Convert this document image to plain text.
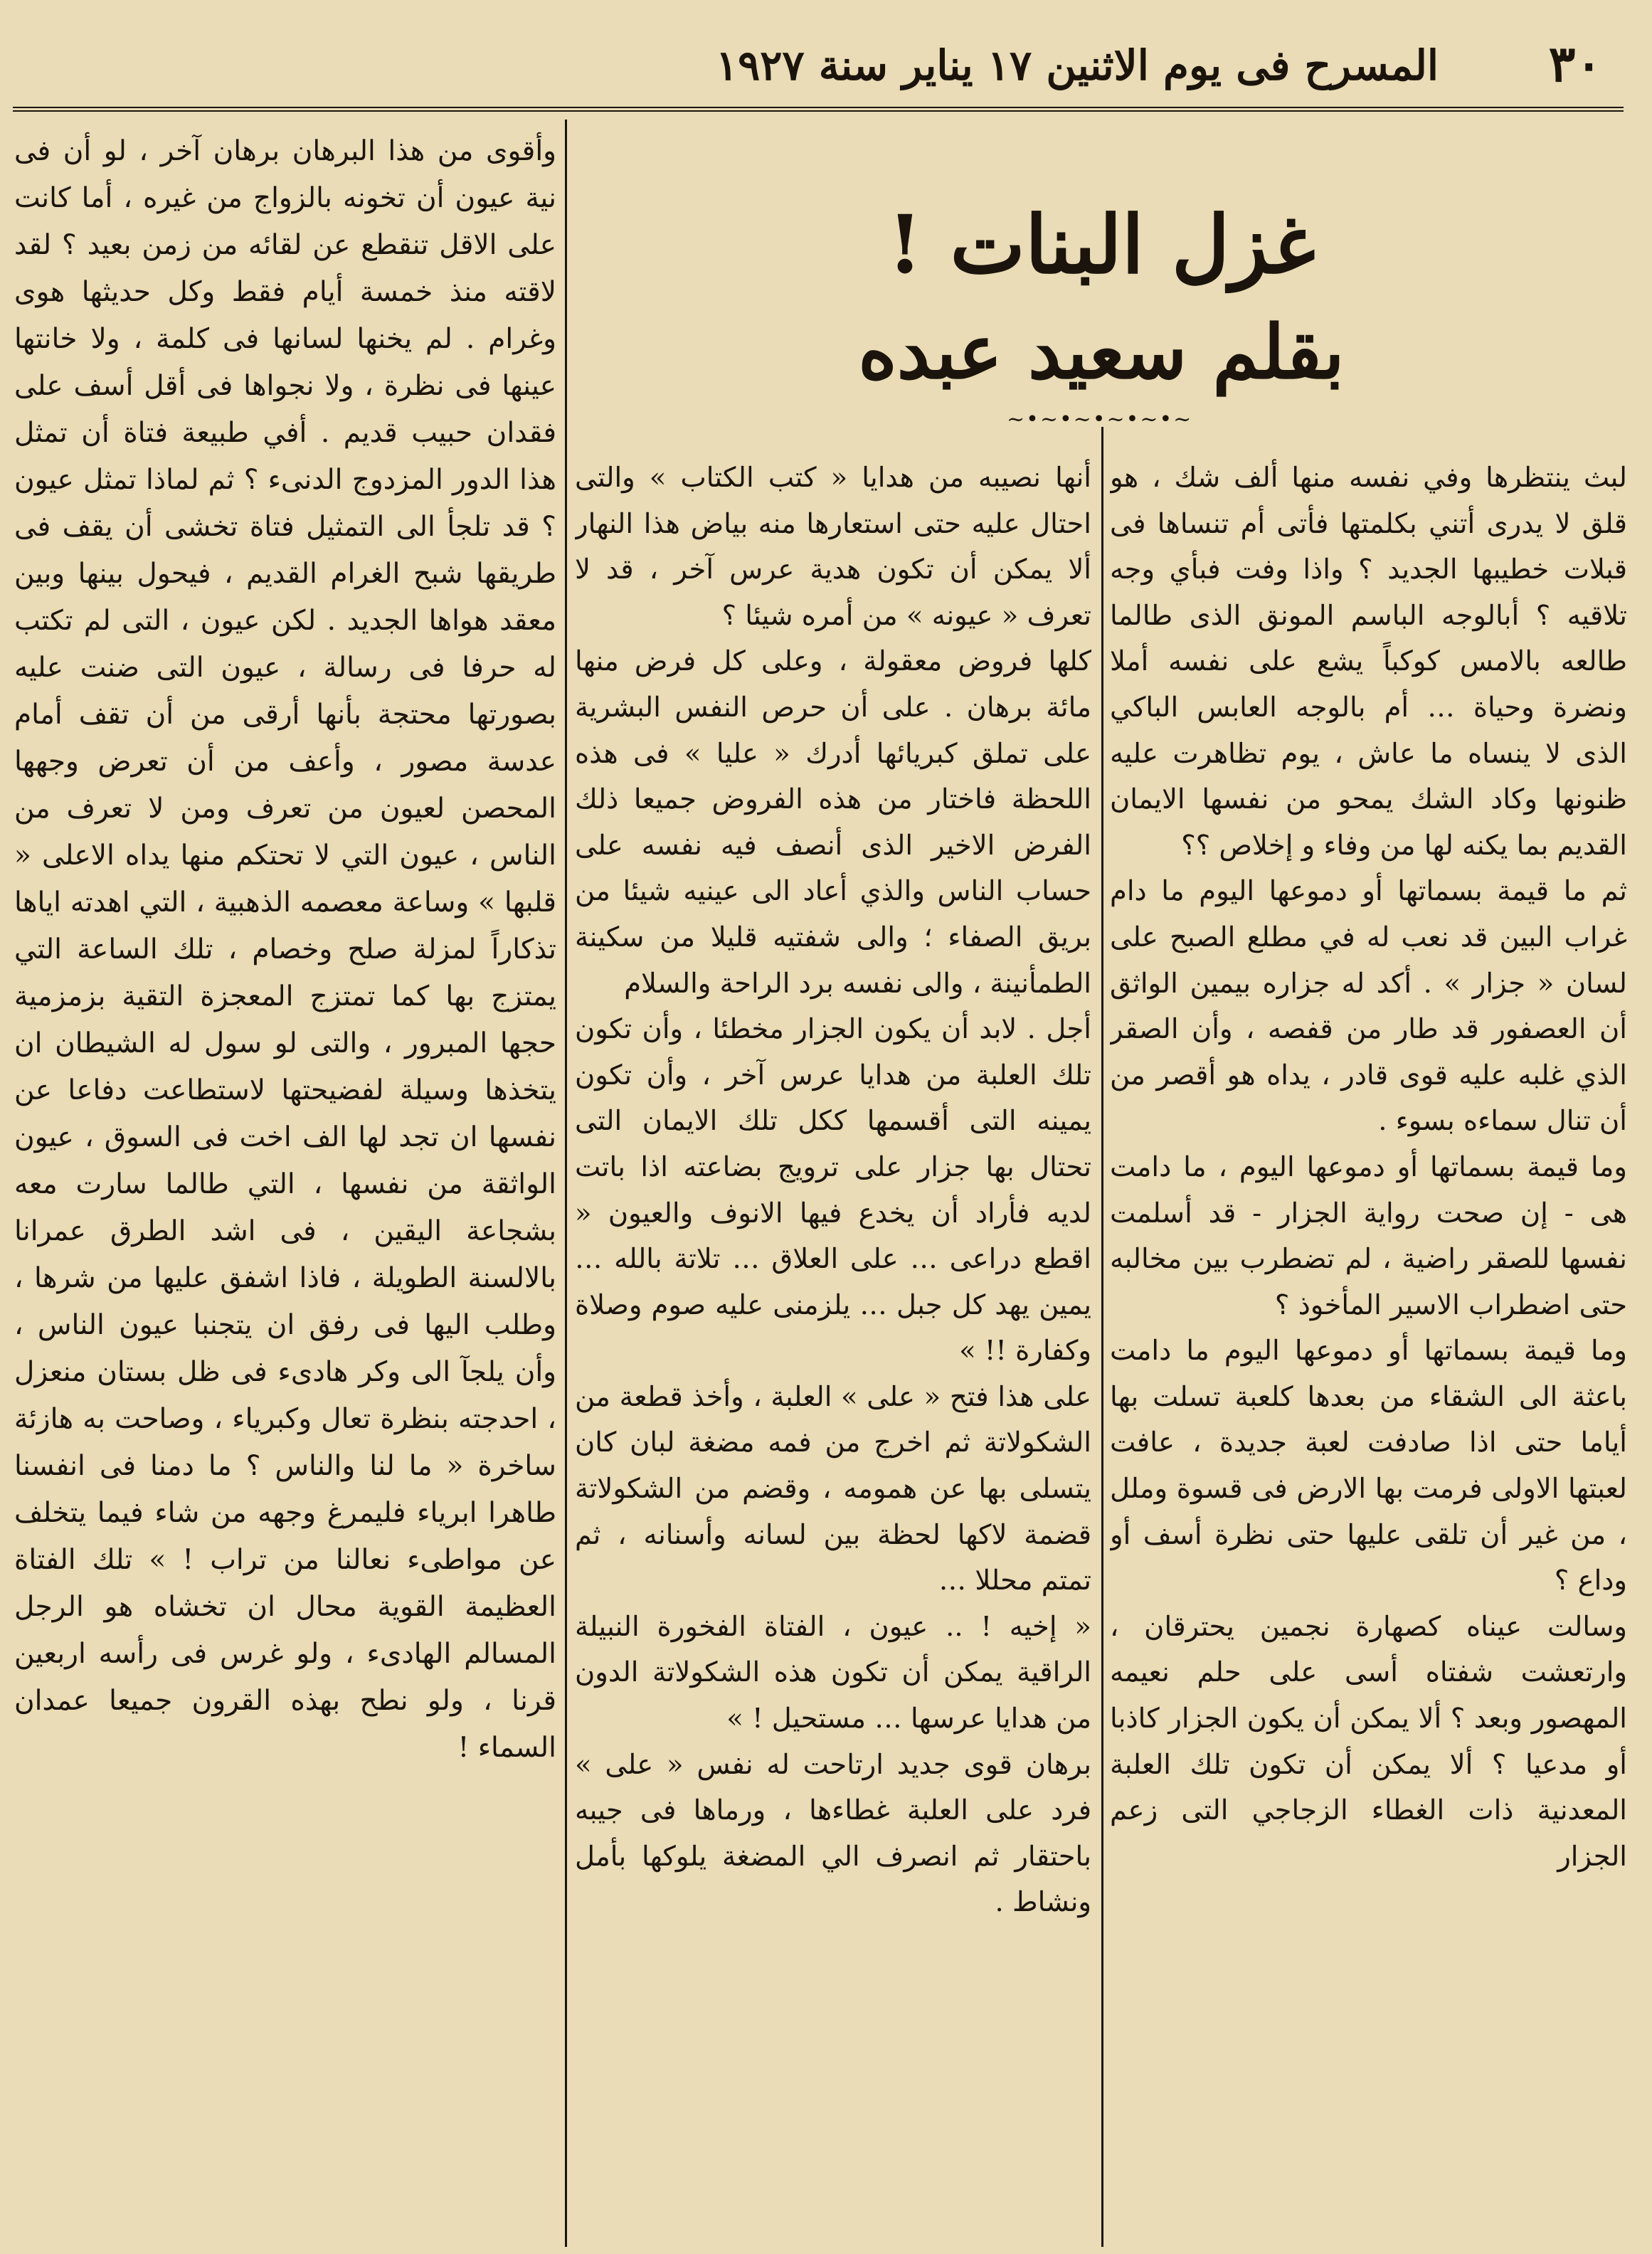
٣٠
المسرح فى يوم الاثنين ١٧ يناير سنة ١٩٢٧
غزل البنات !
بقلم سعيد عبده
~•~•~•~•~•~

لبث ينتظرها وفي نفسه منها ألف شك ، هو قلق لا يدرى أتني بكلمتها فأتى أم تنساها فى قبلات خطيبها الجديد ؟ واذا وفت فبأي وجه تلاقيه ؟ أبالوجه الباسم المونق الذى طالما طالعه بالامس كوكباً يشع على نفسه أملا ونضرة وحياة … أم بالوجه العابس الباكي الذى لا ينساه ما عاش ، يوم تظاهرت عليه ظنونها وكاد الشك يمحو من نفسها الايمان القديم بما يكنه لها من وفاء و إخلاص ؟؟

ثم ما قيمة بسماتها أو دموعها اليوم ما دام غراب البين قد نعب له في مطلع الصبح على لسان « جزار » . أكد له جزاره بيمين الواثق أن العصفور قد طار من قفصه ، وأن الصقر الذي غلبه عليه قوى قادر ، يداه هو أقصر من أن تنال سماءه بسوء .

وما قيمة بسماتها أو دموعها اليوم ، ما دامت هى - إن صحت رواية الجزار - قد أسلمت نفسها للصقر راضية ، لم تضطرب بين مخالبه حتى اضطراب الاسير المأخوذ ؟

وما قيمة بسماتها أو دموعها اليوم ما دامت باعثة الى الشقاء من بعدها كلعبة تسلت بها أياما حتى اذا صادفت لعبة جديدة ، عافت لعبتها الاولى فرمت بها الارض فى قسوة وملل ، من غير أن تلقى عليها حتى نظرة أسف أو وداع ؟

وسالت عيناه كصهارة نجمين يحترقان ، وارتعشت شفتاه أسى على حلم نعيمه المهصور وبعد ؟ ألا يمكن أن يكون الجزار كاذبا أو مدعيا ؟ ألا يمكن أن تكون تلك العلبة المعدنية ذات الغطاء الزجاجي التى زعم الجزار

أنها نصيبه من هدايا « كتب الكتاب » والتى احتال عليه حتى استعارها منه بياض هذا النهار ألا يمكن أن تكون هدية عرس آخر ، قد لا تعرف « عيونه » من أمره شيئا ؟

كلها فروض معقولة ، وعلى كل فرض منها مائة برهان . على أن حرص النفس البشرية على تملق كبريائها أدرك « عليا » فى هذه اللحظة فاختار من هذه الفروض جميعا ذلك الفرض الاخير الذى أنصف فيه نفسه على حساب الناس والذي أعاد الى عينيه شيئا من بريق الصفاء ؛ والى شفتيه قليلا من سكينة الطمأنينة ، والى نفسه برد الراحة والسلام

أجل . لابد أن يكون الجزار مخطئا ، وأن تكون تلك العلبة من هدايا عرس آخر ، وأن تكون يمينه التى أقسمها ككل تلك الايمان التى تحتال بها جزار على ترويج بضاعته اذا باتت لديه فأراد أن يخدع فيها الانوف والعيون « اقطع دراعى … على العلاق … تلاتة بالله … يمين يهد كل جبل … يلزمنى عليه صوم وصلاة وكفارة !! »

على هذا فتح « على » العلبة ، وأخذ قطعة من الشكولاتة ثم اخرج من فمه مضغة لبان كان يتسلى بها عن همومه ، وقضم من الشكولاتة قضمة لاكها لحظة بين لسانه وأسنانه ، ثم تمتم محللا …

« إخيه ! .. عيون ، الفتاة الفخورة النبيلة الراقية يمكن أن تكون هذه الشكولاتة الدون من هدايا عرسها … مستحيل ! »

برهان قوى جديد ارتاحت له نفس « على » فرد على العلبة غطاءها ، ورماها فى جيبه باحتقار ثم انصرف الي المضغة يلوكها بأمل ونشاط .

وأقوى من هذا البرهان برهان آخر ، لو أن فى نية عيون أن تخونه بالزواج من غيره ، أما كانت على الاقل تنقطع عن لقائه من زمن بعيد ؟ لقد لاقته منذ خمسة أيام فقط وكل حديثها هوى وغرام . لم يخنها لسانها فى كلمة ، ولا خانتها عينها فى نظرة ، ولا نجواها فى أقل أسف على فقدان حبيب قديم . أفي طبيعة فتاة أن تمثل هذا الدور المزدوج الدنىء ؟ ثم لماذا تمثل عيون ؟ قد تلجأ الى التمثيل فتاة تخشى أن يقف فى طريقها شبح الغرام القديم ، فيحول بينها وبين معقد هواها الجديد . لكن عيون ، التى لم تكتب له حرفا فى رسالة ، عيون التى ضنت عليه بصورتها محتجة بأنها أرقى من أن تقف أمام عدسة مصور ، وأعف من أن تعرض وجهها المحصن لعيون من تعرف ومن لا تعرف من الناس ، عيون التي لا تحتكم منها يداه الاعلى « قلبها » وساعة معصمه الذهبية ، التي اهدته اياها تذكاراً لمزلة صلح وخصام ، تلك الساعة التي يمتزج بها كما تمتزج المعجزة التقية بزمزمية حجها المبرور ، والتى لو سول له الشيطان ان يتخذها وسيلة لفضيحتها لاستطاعت دفاعا عن نفسها ان تجد لها الف اخت فى السوق ، عيون الواثقة من نفسها ، التي طالما سارت معه بشجاعة اليقين ، فى اشد الطرق عمرانا بالالسنة الطويلة ، فاذا اشفق عليها من شرها ، وطلب اليها فى رفق ان يتجنبا عيون الناس ، وأن يلجآ الى وكر هادىء فى ظل بستان منعزل ، احدجته بنظرة تعال وكبرياء ، وصاحت به هازئة ساخرة « ما لنا والناس ؟ ما دمنا فى انفسنا طاهرا ابرياء فليمرغ وجهه من شاء فيما يتخلف عن مواطىء نعالنا من تراب ! » تلك الفتاة العظيمة القوية محال ان تخشاه هو الرجل المسالم الهادىء ، ولو غرس فى رأسه اربعين قرنا ، ولو نطح بهذه القرون جميعا عمدان السماء !
